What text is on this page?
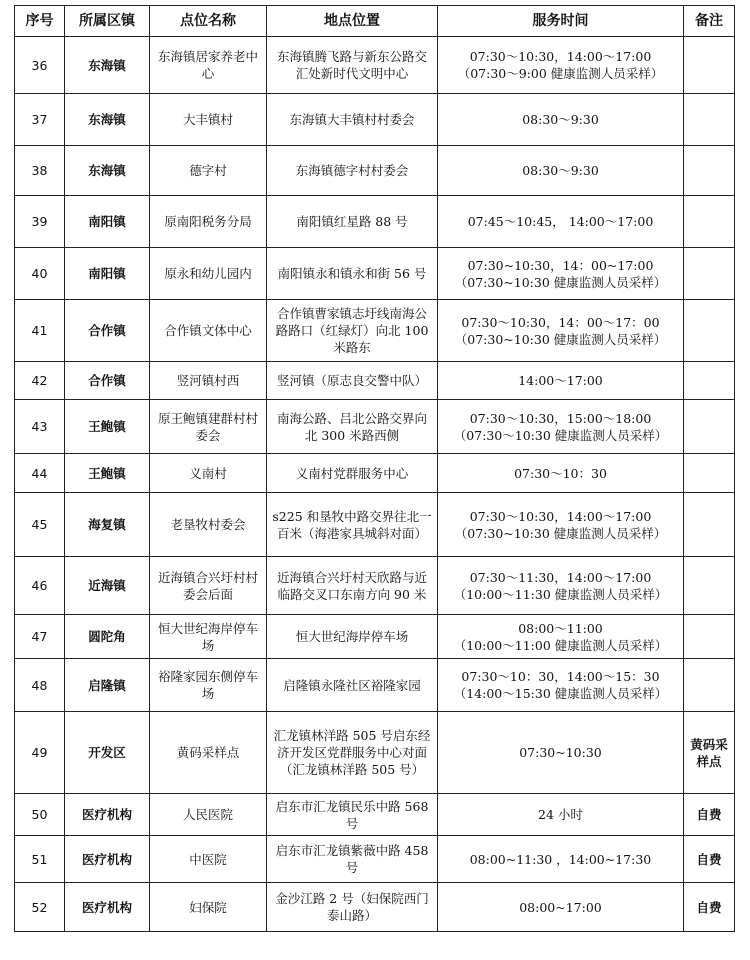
序号	所属区镇	点位名称	地点位置	服务时间	备注
36	东海镇	东海镇居家养老中心	东海镇腾飞路与新东公路交汇处新时代文明中心	07:30～10:30，14:00～17:00
（07:30～9:00 健康监测人员采样）	

37	东海镇	大丰镇村	东海镇大丰镇村村委会	08:30～9:30	

38	东海镇	德字村	东海镇德字村村委会	08:30～9:30	

39	南阳镇	原南阳税务分局	南阳镇红星路 88 号	07:45～10:45， 14:00～17:00	

40	南阳镇	原永和幼儿园内	南阳镇永和镇永和街 56 号	07:30~10:30，14：00~17:00
（07:30~10:30 健康监测人员采样）	

41	合作镇	合作镇文体中心	合作镇曹家镇志圩线南海公路路口（红绿灯）向北 100 米路东	07:30～10:30，14：00～17：00
（07:30~10:30 健康监测人员采样）	

42	合作镇	竖河镇村西	竖河镇（原志良交警中队）	14:00～17:00	

43	王鲍镇	原王鲍镇建群村村委会	南海公路、吕北公路交界向北 300 米路西侧	07:30～10:30，15:00～18:00
（07:30～10:30 健康监测人员采样）	

44	王鲍镇	义南村	义南村党群服务中心	07:30～10：30	

45	海复镇	老垦牧村委会	s225 和垦牧中路交界往北一百米（海港家具城斜对面）	07:30～10:30，14:00～17:00
（07:30~10:30 健康监测人员采样）	

46	近海镇	近海镇合兴圩村村委会后面	近海镇合兴圩村天欣路与近临路交叉口东南方向 90 米	07:30～11:30，14:00～17:00
（10:00～11:30 健康监测人员采样）	

47	圆陀角	恒大世纪海岸停车场	恒大世纪海岸停车场	08:00～11:00
（10:00～11:00 健康监测人员采样）	

48	启隆镇	裕隆家园东侧停车场	启隆镇永隆社区裕隆家园	07:30～10：30，14:00～15：30
（14:00～15:30 健康监测人员采样）	

49	开发区	黄码采样点	汇龙镇林洋路 505 号启东经济开发区党群服务中心对面（汇龙镇林洋路 505 号）	07:30~10:30	黄码采样点
50	医疗机构	人民医院	启东市汇龙镇民乐中路 568 号	24 小时	自费
51	医疗机构	中医院	启东市汇龙镇紫薇中路 458 号	08:00~11:30 ，14:00~17:30	自费
52	医疗机构	妇保院	金沙江路 2 号（妇保院西门泰山路）	08:00~17:00	自费
